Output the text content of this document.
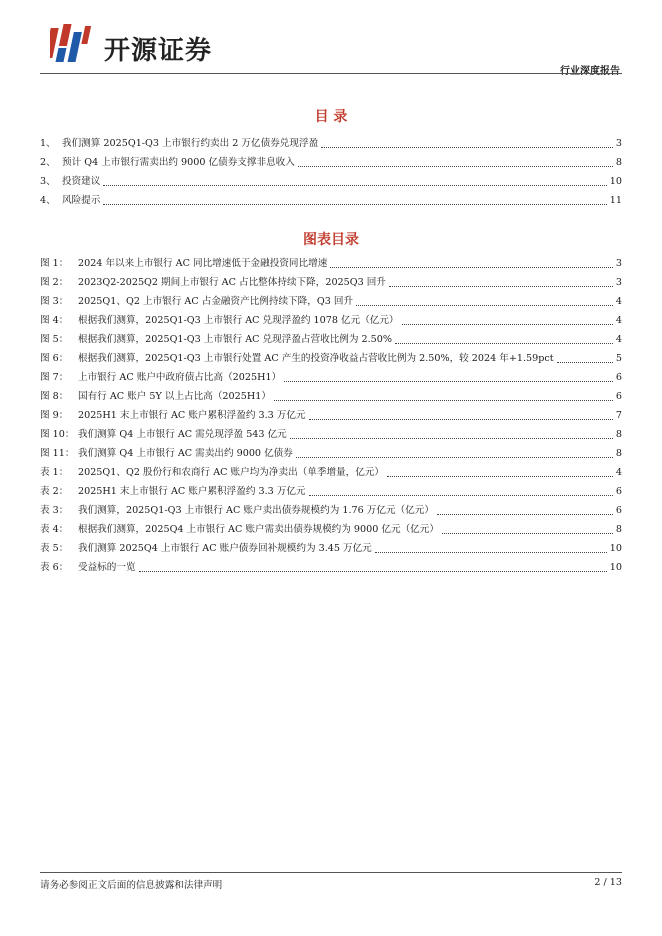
开源证券
行业深度报告
目 录
1、 我们测算 2025Q1-Q3 上市银行约卖出 2 万亿债券兑现浮盈	3
2、 预计 Q4 上市银行需卖出约 9000 亿债券支撑非息收入	8
3、 投资建议	10
4、 风险提示	11
图表目录
图 1：	2024 年以来上市银行 AC 同比增速低于金融投资同比增速	3
图 2：	2023Q2-2025Q2 期间上市银行 AC 占比整体持续下降，2025Q3 回升	3
图 3：	2025Q1、Q2 上市银行 AC 占金融资产比例持续下降，Q3 回升	4
图 4：	根据我们测算，2025Q1-Q3 上市银行 AC 兑现浮盈约 1078 亿元（亿元）	4
图 5：	根据我们测算，2025Q1-Q3 上市银行 AC 兑现浮盈占营收比例为 2.50%	4
图 6：	根据我们测算，2025Q1-Q3 上市银行处置 AC 产生的投资净收益占营收比例为 2.50%，较 2024 年+1.59pct	5
图 7：	上市银行 AC 账户中政府债占比高（2025H1）	6
图 8：	国有行 AC 账户 5Y 以上占比高（2025H1）	6
图 9：	2025H1 末上市银行 AC 账户累积浮盈约 3.3 万亿元	7
图 10： 我们测算 Q4 上市银行 AC 需兑现浮盈 543 亿元	8
图 11： 我们测算 Q4 上市银行 AC 需卖出约 9000 亿债券	8
表 1：	2025Q1、Q2 股份行和农商行 AC 账户均为净卖出（单季增量，亿元）	4
表 2：	2025H1 末上市银行 AC 账户累积浮盈约 3.3 万亿元	6
表 3：	我们测算，2025Q1-Q3 上市银行 AC 账户卖出债券规模约为 1.76 万亿元（亿元）	6
表 4：	根据我们测算，2025Q4 上市银行 AC 账户需卖出债券规模约为 9000 亿元（亿元）	8
表 5：	我们测算 2025Q4 上市银行 AC 账户债券回补规模约为 3.45 万亿元	10
表 6：	受益标的一览	10
请务必参阅正文后面的信息披露和法律声明	2 / 13
